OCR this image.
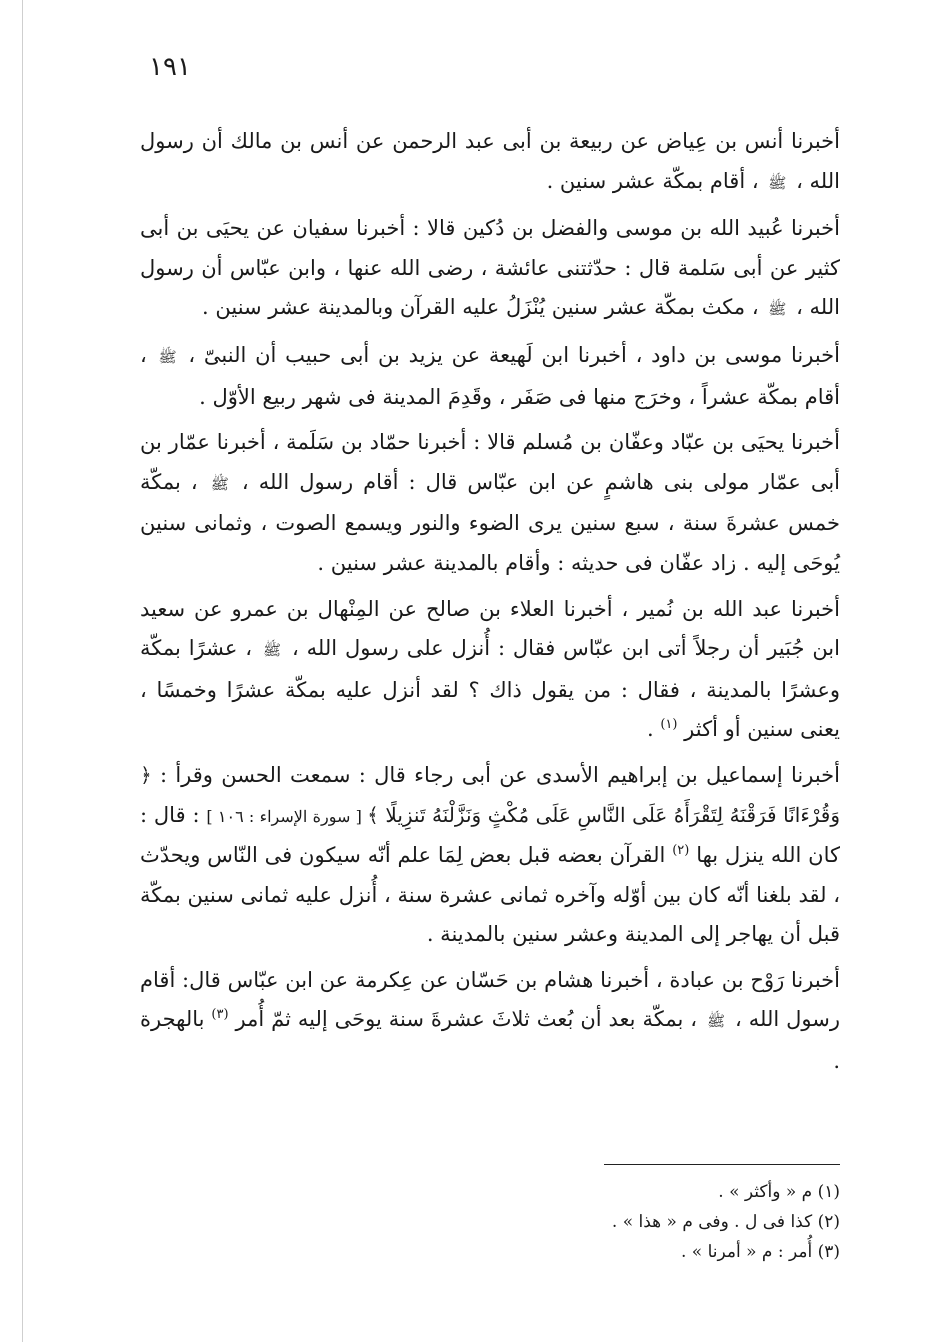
١٩١

أخبرنا أنس بن عِياض عن ربيعة بن أبى عبد الرحمن عن أنس بن مالك أن رسول الله ، ﷺ ، أقام بمكّة عشر سنين .

أخبرنا عُبيد الله بن موسى والفضل بن دُكين قالا : أخبرنا سفيان عن يحيَى بن أبى كثير عن أبى سَلمة قال : حدّثتنى عائشة ، رضى الله عنها ، وابن عبّاس أن رسول الله ، ﷺ ، مكث بمكّة عشر سنين يُنْزَلُ عليه القرآن وبالمدينة عشر سنين .

أخبرنا موسى بن داود ، أخبرنا ابن لَهيعة عن يزيد بن أبى حبيب أن النبىّ ، ﷺ ، أقام بمكّة عشراً ، وخرَج منها فى صَفَر ، وقَدِمَ المدينة فى شهر ربيع الأوّل .

أخبرنا يحيَى بن عبّاد وعفّان بن مُسلم قالا : أخبرنا حمّاد بن سَلَمة ، أخبرنا عمّار بن أبى عمّار مولى بنى هاشمٍ عن ابن عبّاس قال : أقام رسول الله ، ﷺ ، بمكّة خمس عشرةَ سنة ، سبع سنين يرى الضوء والنور ويسمع الصوت ، وثمانى سنين يُوحَى إليه . زاد عفّان فى حديثه : وأقام بالمدينة عشر سنين .

أخبرنا عبد الله بن نُمير ، أخبرنا العلاء بن صالح عن المِنْهال بن عمرو عن سعيد ابن جُبَير أن رجلاً أتى ابن عبّاس فقال : أُنزل على رسول الله ، ﷺ ، عشرًا بمكّة وعشرًا بالمدينة ، فقال : من يقول ذاك ؟ لقد أنزل عليه بمكّة عشرًا وخمسًا ، يعنى سنين أو أكثر $^{(١)}$ .

أخبرنا إسماعيل بن إبراهيم الأسدى عن أبى رجاء قال : سمعت الحسن وقرأ : ﴿ وَقُرْءَانًا فَرَقْنَهُ لِتَقْرَأَهُ عَلَى النَّاسِ عَلَى مُكْثٍ وَنَزَّلْنَهُ تَنزِيلًا ﴾ [ سورة الإسراء : ١٠٦ ] : قال : كان الله ينزل بها $^{(٢)}$ القرآن بعضه قبل بعض لِمَا علم أنّه سيكون فى النّاس ويحدّث ، لقد بلغنا أنّه كان بين أوّله وآخره ثمانى عشرة سنة ، أُنزل عليه ثمانى سنين بمكّة قبل أن يهاجر إلى المدينة وعشر سنين بالمدينة .

أخبرنا رَوْح بن عبادة ، أخبرنا هشام بن حَسّان عن عِكرمة عن ابن عبّاس قال: أقام رسول الله ، ﷺ ، بمكّة بعد أن بُعث ثلاثَ عشرةَ سنة يوحَى إليه ثمّ أُمر $^{(٣)}$ بالهجرة .

(١) م « وأكثر » .

(٢) كذا فى ل . وفى م « هذا » .

(٣) أُمر : م « أمرنا » .
